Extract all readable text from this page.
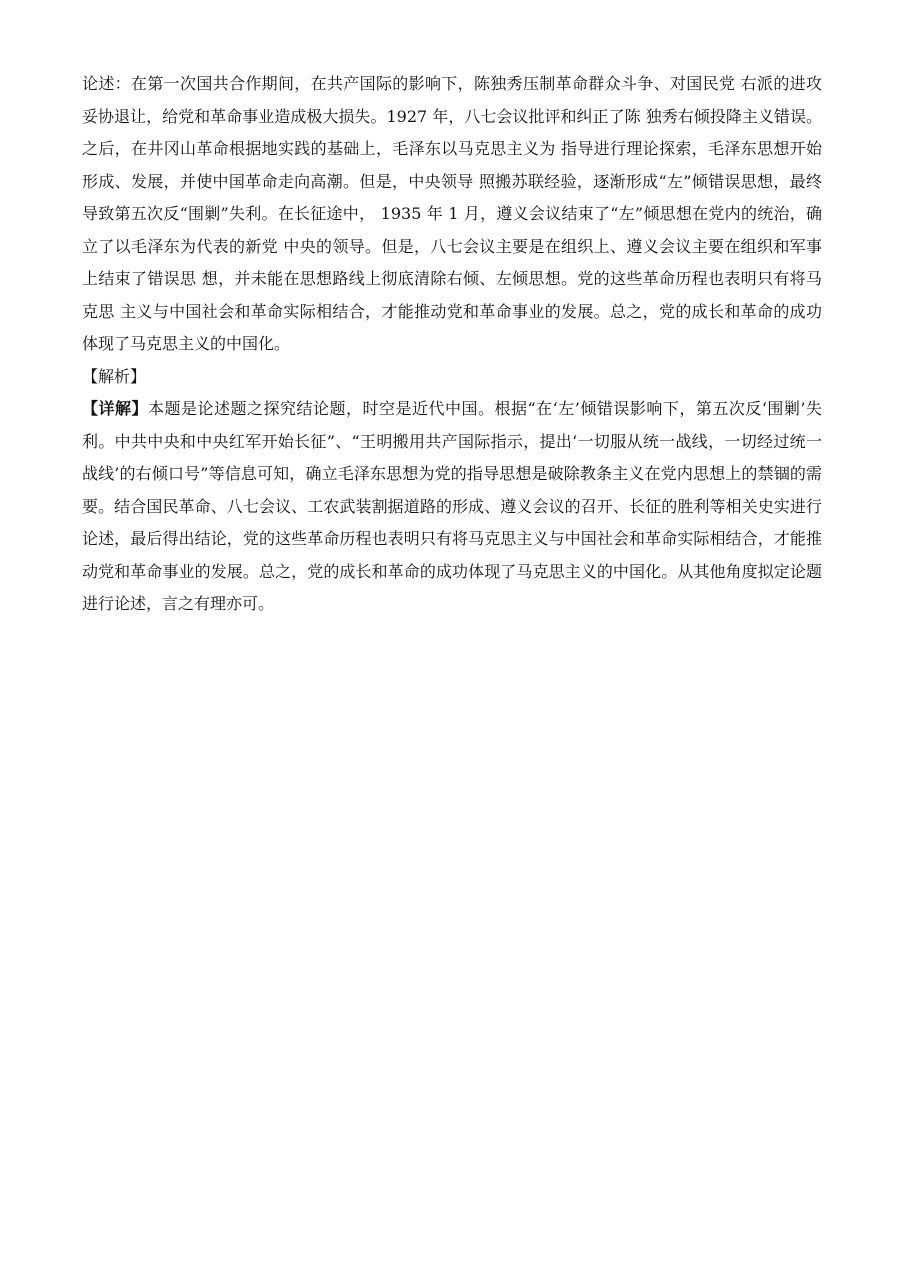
论述：在第一次国共合作期间，在共产国际的影响下，陈独秀压制革命群众斗争、对国民党 右派的进攻妥协退让，给党和革命事业造成极大损失。1927 年，八七会议批评和纠正了陈 独秀右倾投降主义错误。之后，在井冈山革命根据地实践的基础上，毛泽东以马克思主义为 指导进行理论探索，毛泽东思想开始形成、发展，并使中国革命走向高潮。但是，中央领导 照搬苏联经验，逐渐形成“左”倾错误思想，最终导致第五次反“围剿”失利。在长征途中， 1935 年 1 月，遵义会议结束了“左”倾思想在党内的统治，确立了以毛泽东为代表的新党 中央的领导。但是，八七会议主要是在组织上、遵义会议主要在组织和军事上结束了错误思 想，并未能在思想路线上彻底清除右倾、左倾思想。党的这些革命历程也表明只有将马克思 主义与中国社会和革命实际相结合，才能推动党和革命事业的发展。总之，党的成长和革命的成功体现了马克思主义的中国化。

【解析】

【详解】本题是论述题之探究结论题，时空是近代中国。根据“在‘左’倾错误影响下，第五次反‘围剿’失利。中共中央和中央红军开始长征”、“王明搬用共产国际指示，提出‘一切服从统一战线，一切经过统一战线’的右倾口号”等信息可知，确立毛泽东思想为党的指导思想是破除教条主义在党内思想上的禁锢的需要。结合国民革命、八七会议、工农武装割据道路的形成、遵义会议的召开、长征的胜利等相关史实进行论述，最后得出结论，党的这些革命历程也表明只有将马克思主义与中国社会和革命实际相结合，才能推动党和革命事业的发展。总之，党的成长和革命的成功体现了马克思主义的中国化。从其他角度拟定论题进行论述，言之有理亦可。
